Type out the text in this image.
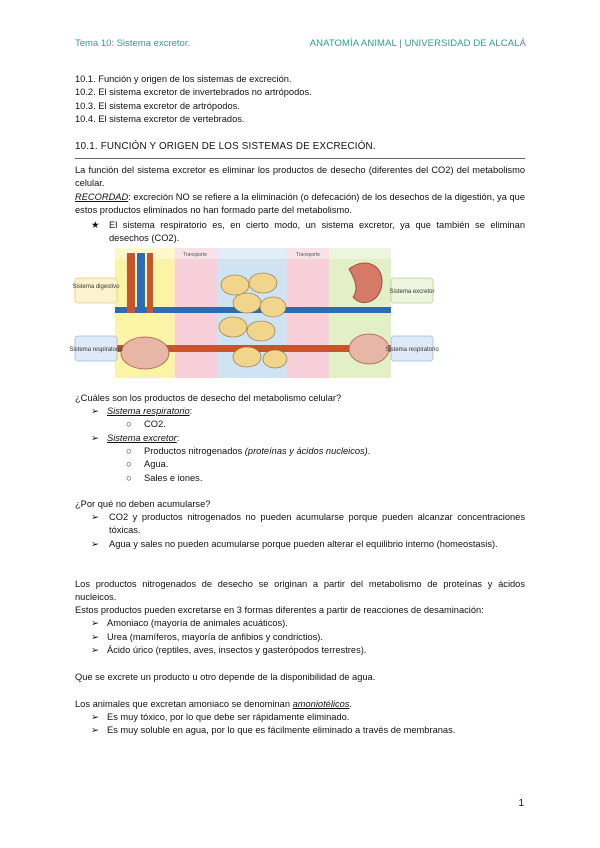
Tema 10: Sistema excretor.	ANATOMÍA ANIMAL | UNIVERSIDAD DE ALCALÁ
10.1. Función y origen de los sistemas de excreción.
10.2. El sistema excretor de invertebrados no artrópodos.
10.3. El sistema excretor de artrópodos.
10.4. El sistema excretor de vertebrados.
10.1. FUNCIÓN Y ORIGEN DE LOS SISTEMAS DE EXCRECIÓN.
La función del sistema excretor es eliminar los productos de desecho (diferentes del CO2) del metabolismo celular.
RECORDAD: excreción NO se refiere a la eliminación (o defecación) de los desechos de la digestión, ya que estos productos eliminados no han formado parte del metabolismo.
★ El sistema respiratorio es, en cierto modo, un sistema excretor, ya que también se eliminan desechos (CO2).
Transporte	Transporte
Sistema digestivo
Sistema respiratorio
Sistema excretor
Sistema respiratorio
¿Cuáles son los productos de desecho del metabolismo celular?
➢ Sistema respiratorio:
○ CO2.
➢ Sistema excretor:
○ Productos nitrogenados (proteínas y ácidos nucleicos).
○ Agua.
○ Sales e iones.
¿Por qué no deben acumularse?
➢ CO2 y productos nitrogenados no pueden acumularse porque pueden alcanzar concentraciones tóxicas.
➢ Agua y sales no pueden acumularse porque pueden alterar el equilibrio interno (homeostasis).
Los productos nitrogenados de desecho se originan a partir del metabolismo de proteínas y ácidos nucleicos.
Estos productos pueden excretarse en 3 formas diferentes a partir de reacciones de desaminación:
➢ Amoniaco (mayoría de animales acuáticos).
➢ Urea (mamíferos, mayoría de anfibios y condrictios).
➢ Ácido úrico (reptiles, aves, insectos y gasterópodos terrestres).
Que se excrete un producto u otro depende de la disponibilidad de agua.
Los animales que excretan amoniaco se denominan amoniotélicos.
➢ Es muy tóxico, por lo que debe ser rápidamente eliminado.
➢ Es muy soluble en agua, por lo que es fácilmente eliminado a través de membranas.
1
